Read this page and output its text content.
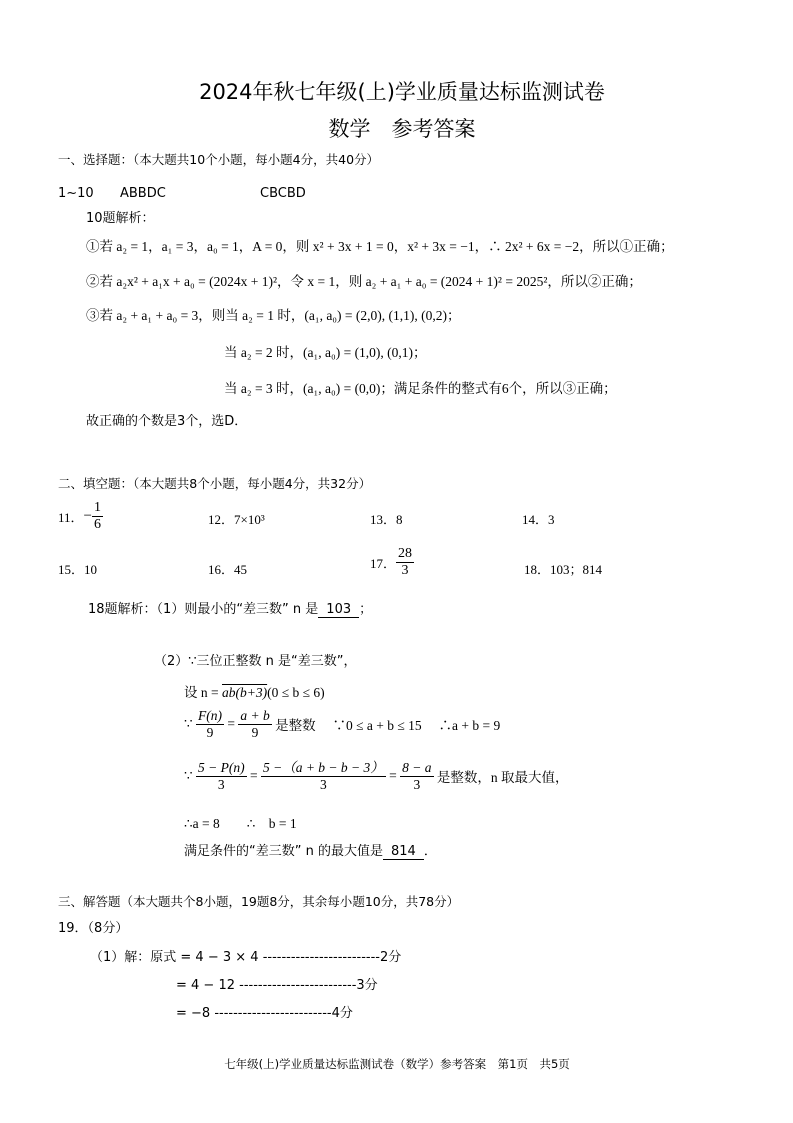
2024年秋七年级(上)学业质量达标监测试卷
数学　参考答案
一、选择题：（本大题共10个小题，每小题4分，共40分）
1~10 ABBDC	CBCBD
10题解析：
①若 a₂ = 1，a₁ = 3，a₀ = 1，A = 0，则 x² + 3x + 1 = 0，x² + 3x = −1，∴ 2x² + 6x = −2，所以①正确；
②若 a₂x² + a₁x + a₀ = (2024x + 1)²，令 x = 1，则 a₂ + a₁ + a₀ = (2024 + 1)² = 2025²，所以②正确；
③若 a₂ + a₁ + a₀ = 3，则当 a₂ = 1 时，(a₁, a₀) = (2,0), (1,1), (0,2)；
当 a₂ = 2 时，(a₁, a₀) = (1,0), (0,1)；
当 a₂ = 3 时，(a₁, a₀) = (0,0)；满足条件的整式有6个，所以③正确；
故正确的个数是3个，选D．
二、填空题：（本大题共8个小题，每小题4分，共32分）
11．− $\frac{1}{6}$	12．7×10³	13．8	14．3
15．10	16．45	17． $\frac{28}{3}$	18．103；814
18题解析：（1）则最小的“差三数” n 是 103 ；
（2）∵三位正整数 n 是“差三数”，
设 n = ab(b+3)(0 ≤ b ≤ 6)
∵ $\frac{F(n)}{9} = \frac{a + b}{9}$ 是整数　 ∵0 ≤ a + b ≤ 15　 ∴a + b = 9
∵ $\frac{5 - P(n)}{3} = \frac{5 -(a + b - b - 3)}{3} = \frac{8 - a}{3}$ 是整数，n 取最大值，
∴a = 8　　∴　b = 1
满足条件的“差三数” n 的最大值是 814 ．
三、解答题（本大题共个8小题，19题8分，其余每小题10分，共78分）
19．（8分）
（1）解：原式 = 4 − 3 × 4 -------------------------2分
= 4 − 12 -------------------------3分
= −8 -------------------------4分
七年级(上)学业质量达标监测试卷（数学）参考答案　第1页　共5页
